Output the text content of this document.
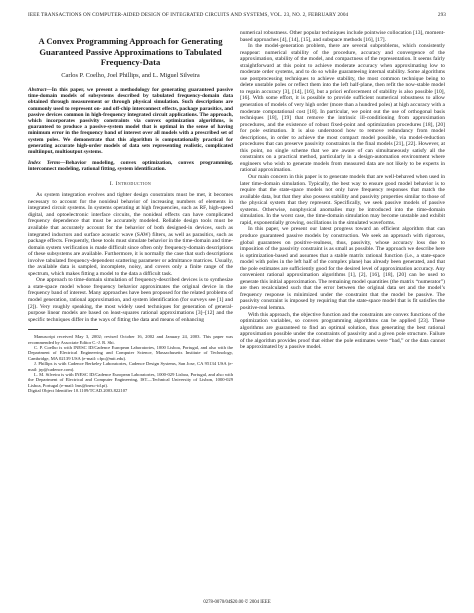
IEEE TRANSACTIONS ON COMPUTER-AIDED DESIGN OF INTEGRATED CIRCUITS AND SYSTEMS, VOL. 23, NO. 2, FEBRUARY 2004	293
A Convex Programming Approach for Generating Guaranteed Passive Approximations to Tabulated Frequency-Data
Carlos P. Coelho, Joel Phillips, and L. Miguel Silveira
Abstract—In this paper, we present a methodology for generating guaranteed passive time-domain models of subsystems described by tabulated frequency-domain data obtained through measurement or through physical simulation. Such descriptions are commonly used to represent on- and off-chip interconnect effects, package parasitics, and passive devices common in high-frequency integrated circuit applications. The approach, which incorporates passivity constraints via convex optimization algorithms, is guaranteed to produce a passive-system model that is optimal in the sense of having minimum error in the frequency band of interest over all models with a prescribed set of system poles. We demonstrate that this algorithm is computationally practical for generating accurate high-order models of data sets representing realistic, complicated multiinput, multioutput systems.
Index Terms—Behavior modeling, convex optimization, convex programming, interconnect modeling, rational fitting, system identification.
I. Introduction

As system integration evolves and tighter design constraints must be met, it becomes necessary to account for the nonideal behavior of increasing numbers of elements in integrated circuit systems. In systems operating at high frequencies, such as RF, high-speed digital, and optoelectronic interface circuits, the nonideal effects can have complicated frequency dependence that must be accurately modeled. Reliable design tools must be available that accurately account for the behavior of both designed-in devices, such as integrated inductors and surface acoustic wave (SAW) filters, as well as parasitics, such as package effects. Frequently, these tools must simulate behavior in the time-domain and time-domain system verification is made difficult since often only frequency-domain descriptions of these subsystems are available. Furthermore, it is normally the case that such descriptions involve tabulated frequency-dependent scattering parameter or admittance matrices. Usually, the available data is sampled, incomplete, noisy, and covers only a finite range of the spectrum, which makes fitting a model to the data a difficult task.

One approach to time-domain simulation of frequency-described devices is to synthesize a state-space model whose frequency behavior approximates the original device in the frequency band of interest. Many approaches have been proposed for the related problems of model generation, rational approximation, and system identification (for surveys see [1] and [2]). Very roughly speaking, the most widely used techniques for generation of general-purpose linear models are based on least-squares rational approximations [3]–[12] and the specific techniques differ in the ways of fitting the data and means of enhancing

Manuscript received May 3, 2002; revised October 16, 2002 and January 24, 2003. This paper was recommended by Associate Editor C.-J. R. Shi.

C. P. Coelho is with INESC ID/Cadence European Laboratories, 1000 Lisboa, Portugal, and also with the Department of Electrical Engineering and Computer Science, Massachusetts Institute of Technology, Cambridge, MA 02139 USA (e-mail: cfpc@mit.edu).

J. Phillips is with Cadence Berkeley Laboratories, Cadence Design Systems, San Jose, CA 95134 USA (e-mail: jrp@cadence.com).

L. M. Silveira is with INESC ID/Cadence European Laboratories, 1000-029 Lisboa, Portugal, and also with the Department of Electrical and Computer Engineering, IST—Technical University of Lisbon, 1000-029 Lisboa, Portugal (e-mail: lms@inesc-id.pt).

Digital Object Identifier 10.1109/TCAD.2003.822107

numerical robustness. Other popular techniques include pointwise collocation [13], moment-based approaches [4], [14], [15], and subspace methods [16], [17].

In the model-generation problem, there are several subproblems, which consistently reappear: numerical stability of the procedure, accuracy and convergence of the approximation, stability of the model, and compactness of the representation. It seems fairly straightforward at this point to achieve moderate accuracy when approximating low to moderate order systems, and to do so while guaranteeing internal stability. Some algorithms use postprocessing techniques to achieve stability, the most common technique being to delete unstable poles or reflect them into the left half-plane, then refit the now-stable model to regain accuracy [3], [14], [16], but a priori enforcement of stability is also possible [10], [16]. With some effort, it is possible to provide sufficient numerical robustness to allow generation of models of very high order (more than a hundred poles) at high accuracy with a moderate computational cost [18]. In particular, we point out the use of orthogonal basis techniques [18], [19] that remove the intrinsic ill-conditioning from approximation procedures, and the existence of robust fixed-point and optimization procedures [18], [20] for pole estimation. It is also understood how to remove redundancy from model descriptions, in order to achieve the most compact model possible, via model-reduction procedures that can preserve passivity constraints in the final models [21], [22]. However, at this point, no single scheme that we are aware of can simultaneously satisfy all the constraints on a practical method, particularly in a design-automation environment where engineers who wish to generate models from measured data are not likely to be experts in rational approximation.

Our main concern in this paper is to generate models that are well-behaved when used in later time-domain simulation. Typically, the best way to ensure good model behavior is to require that the state-space models not only have frequency responses that match the available data, but that they also possess stability and passivity properties similar to those of the physical system that they represent. Specifically, we seek passive models of passive systems. Otherwise, nonphysical anomalies may be introduced into the time-domain simulation. In the worst case, the time-domain simulation may become unstable and exhibit rapid, exponentially growing, oscillations in the simulated waveforms.

In this paper, we present our latest progress toward an efficient algorithm that can produce guaranteed passive models by construction. We seek an approach with rigorous, global guarantees on positive-realness, thus, passivity, whose accuracy loss due to imposition of the passivity constraint is as small as possible. The approach we describe here is optimization-based and assumes that a stable matrix rational function (i.e., a state-space model with poles in the left half of the complex plane) has already been generated, and that the pole estimates are sufficiently good for the desired level of approximation accuracy. Any convenient rational approximation algorithms [1], [2], [16], [18], [20] can be used to generate this initial approximation. The remaining model quantities (the matrix “numerator”) are then recalculated such that the error between the original data set and the model’s frequency response is minimized under the constraint that the model be passive. The passivity constraint is imposed by requiring that the state-space model that is fit satisfies the positive-real lemma.

With this approach, the objective function and the constraints are convex functions of the optimization variables, so convex programming algorithms can be applied [23]. These algorithms are guaranteed to find an optimal solution, thus generating the best rational approximation possible under the constraints of passivity and a given pole structure. Failure of the algorithm provides proof that either the pole estimates were “bad,” or the data cannot be approximated by a passive model.

0278-0070/04$20.00 © 2004 IEEE
